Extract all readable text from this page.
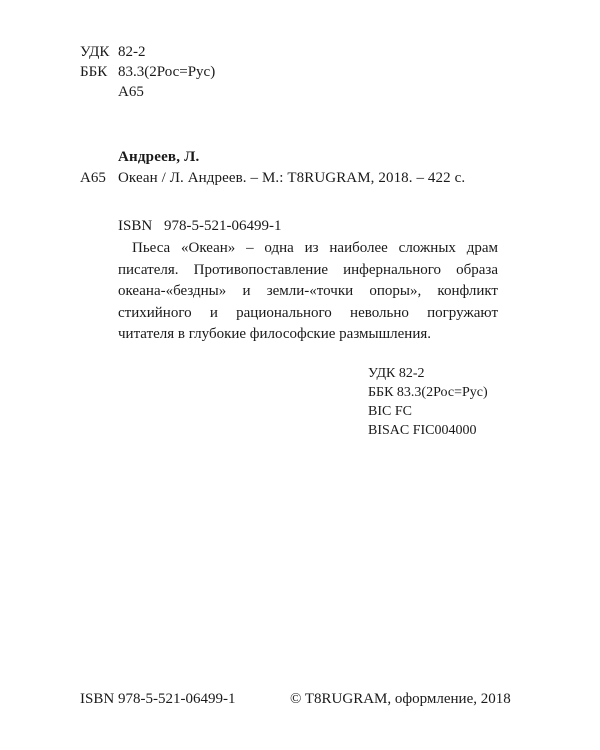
УДК 82-2
ББК 83.3(2Рос=Рус)
А65
Андреев, Л.
А65 Океан / Л. Андреев. – М.: T8RUGRAM, 2018. – 422 с.
ISBN 978-5-521-06499-1
Пьеса «Океан» – одна из наиболее сложных драм писателя. Противопоставление инфернального образа океана-«бездны» и земли-«точки опоры», конфликт стихийного и рационального невольно погружают читателя в глубокие философские размышления.
УДК 82-2
ББК 83.3(2Рос=Рус)
BIC FC
BISAC FIC004000
ISBN 978-5-521-06499-1	© T8RUGRAM, оформление, 2018
